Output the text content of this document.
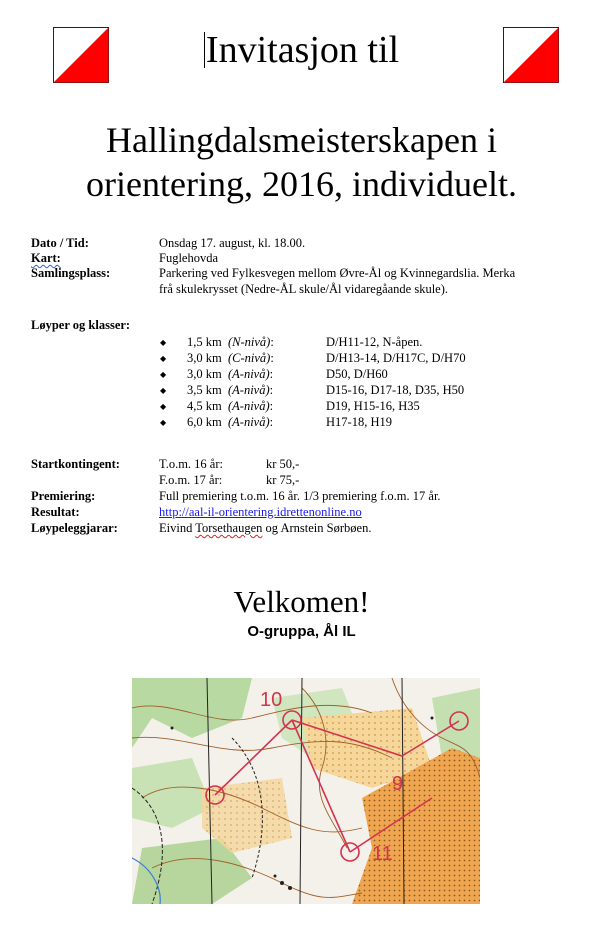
Invitasjon til
Hallingdalsmeisterskapen i
orientering, 2016, individuelt.
Dato / Tid:	Onsdag 17. august, kl. 18.00.
Kart:	Fuglehovda
Samlingsplass:	Parkering ved Fylkesvegen mellom Øvre-Ål og Kvinnegardslia. Merka
frå skulekrysset (Nedre-ÅL skule/Ål vidaregåande skule).
Løyper og klasser:
◆ 1,5 km (N-nivå):	D/H11-12, N-åpen.
◆ 3,0 km (C-nivå):	D/H13-14, D/H17C, D/H70
◆ 3,0 km (A-nivå):	D50, D/H60
◆ 3,5 km (A-nivå):	D15-16, D17-18, D35, H50
◆ 4,5 km (A-nivå):	D19, H15-16, H35
◆ 6,0 km (A-nivå):	H17-18, H19
Startkontingent:	T.o.m. 16 år:	kr 50,-
F.o.m. 17 år:	kr 75,-
Premiering:	Full premiering t.o.m. 16 år. 1/3 premiering f.o.m. 17 år.
Resultat:	http://aal-il-orientering.idrettenonline.no
Løypeleggjarar:	Eivind Torsethaugen og Arnstein Sørbøen.
Velkomen!
O-gruppa, Ål IL
10
9
11
